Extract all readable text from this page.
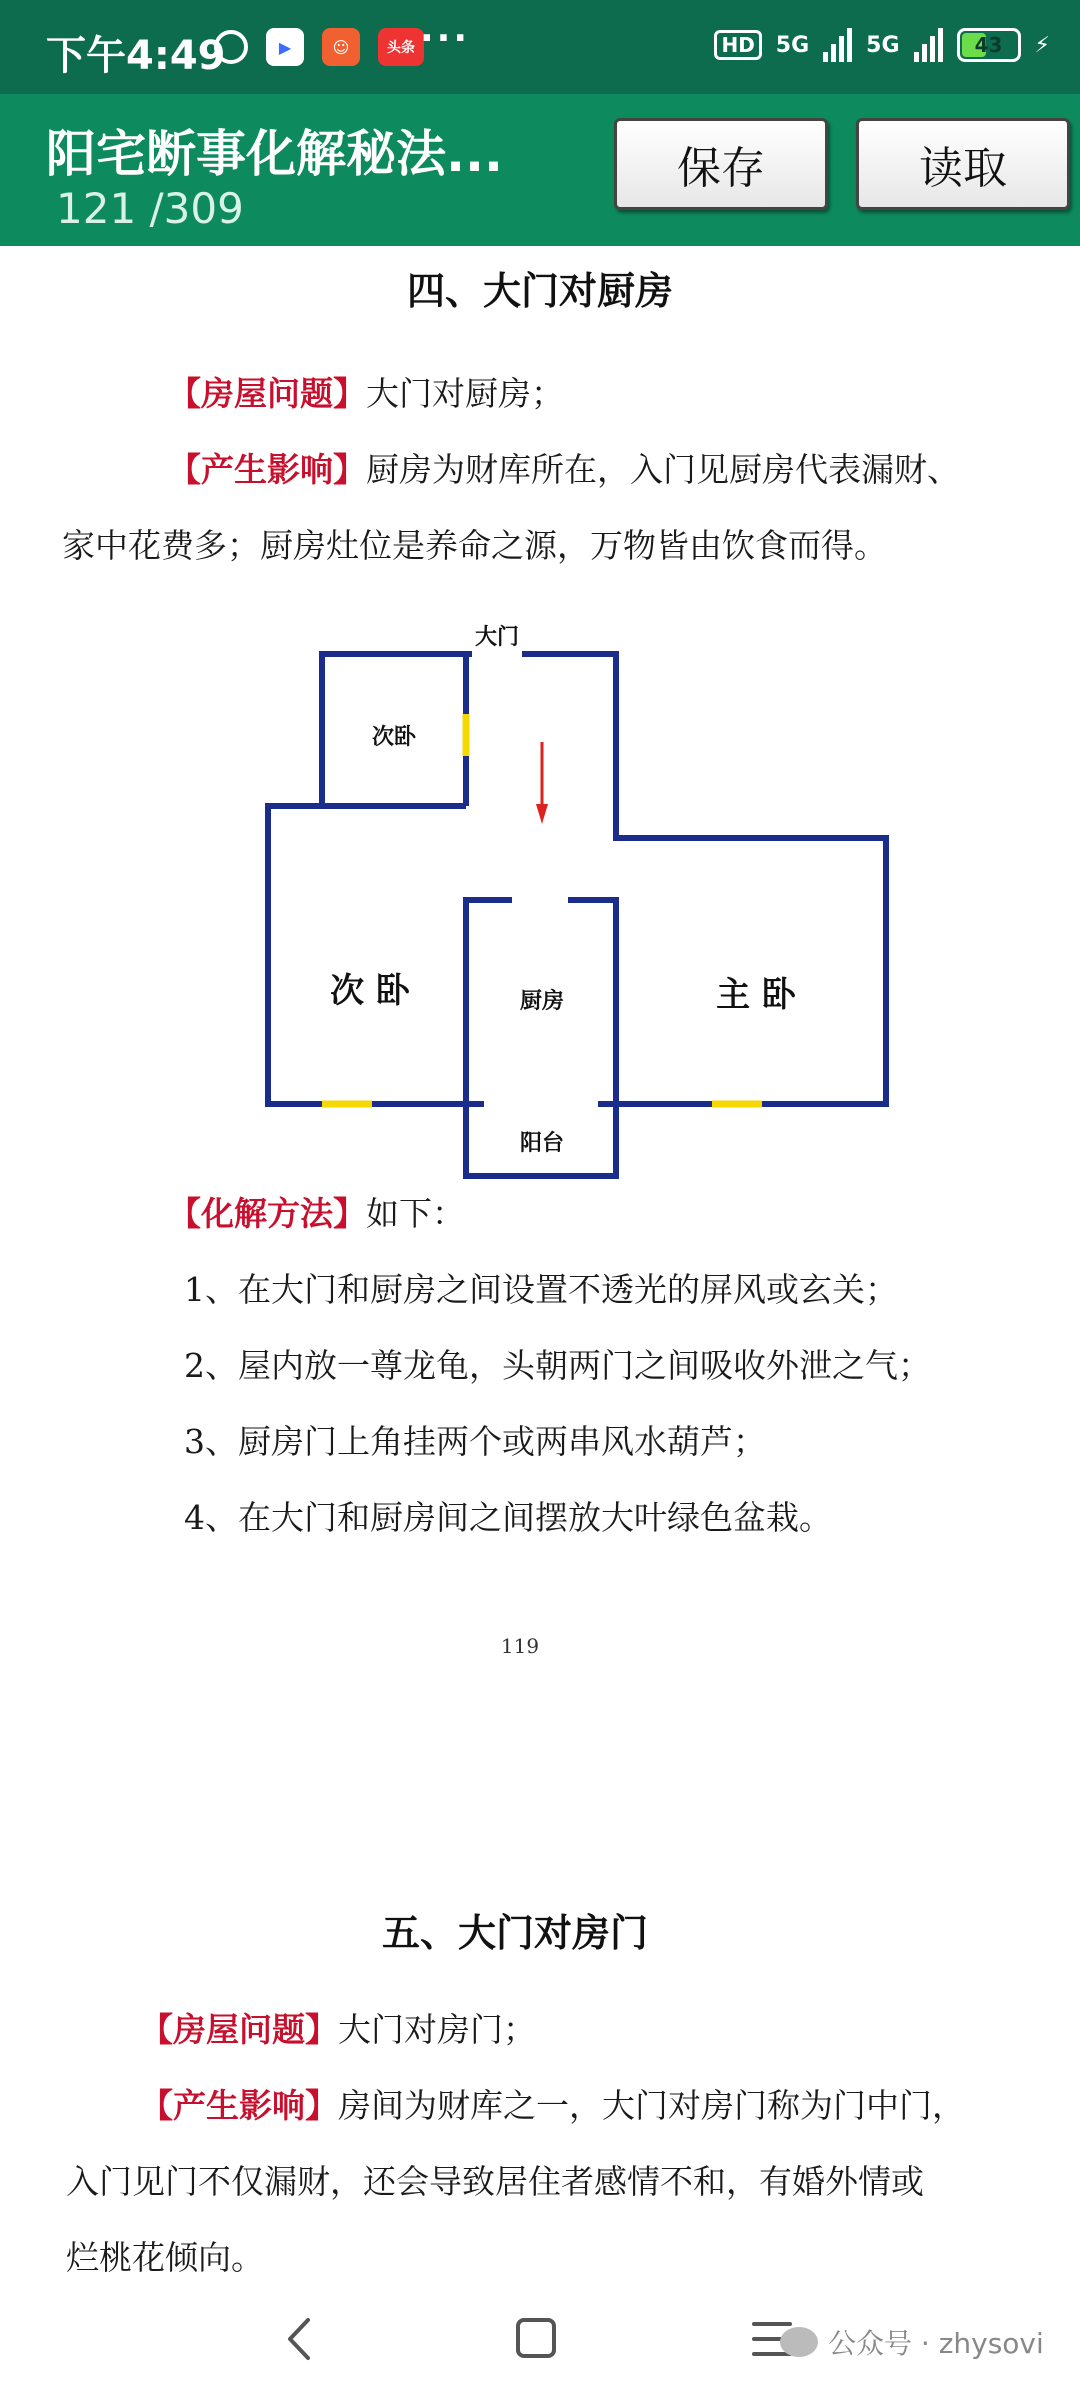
下午4:49	▶	☺	头条 ···	HD 5G	5G	43 ⚡
阳宅断事化解秘法...
121 /309
保存	读取
四、大门对厨房
【房屋问题】大门对厨房；
【产生影响】厨房为财库所在，入门见厨房代表漏财、
家中花费多；厨房灶位是养命之源，万物皆由饮食而得。
大门
次卧
次 卧	厨房	主 卧
阳台
【化解方法】如下：
1、在大门和厨房之间设置不透光的屏风或玄关；
2、屋内放一尊龙龟，头朝两门之间吸收外泄之气；
3、厨房门上角挂两个或两串风水葫芦；
4、在大门和厨房间之间摆放大叶绿色盆栽。
119
五、大门对房门
【房屋问题】大门对房门；
【产生影响】房间为财库之一，大门对房门称为门中门，
入门见门不仅漏财，还会导致居住者感情不和，有婚外情或
烂桃花倾向。
公众号 · zhysovi
